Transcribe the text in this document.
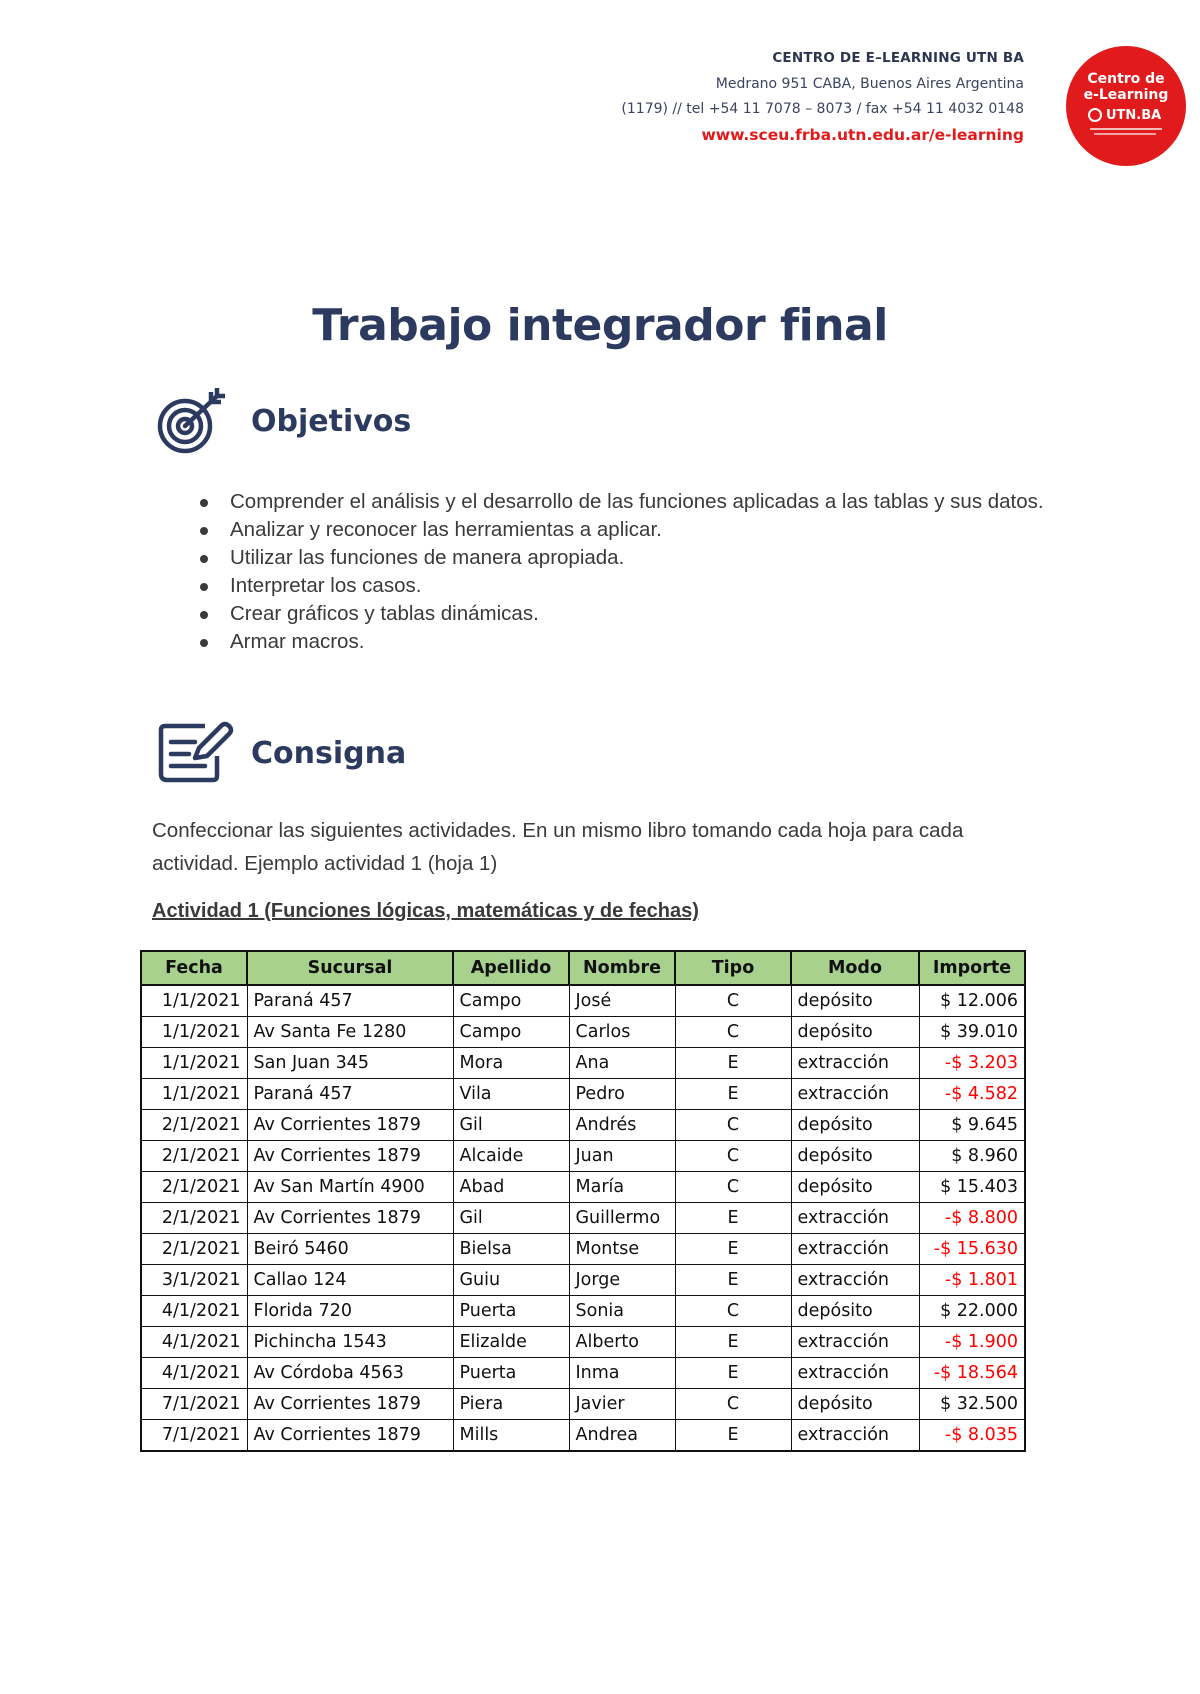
CENTRO DE E–LEARNING UTN BA
Medrano 951 CABA, Buenos Aires Argentina
(1179) // tel +54 11 7078 – 8073 / fax +54 11 4032 0148
www.sceu.frba.utn.edu.ar/e-learning
Centro de
e-Learning
UTN.BA
Trabajo integrador final
Objetivos
Comprender el análisis y el desarrollo de las funciones aplicadas a las tablas y sus datos.
Analizar y reconocer las herramientas a aplicar.
Utilizar las funciones de manera apropiada.
Interpretar los casos.
Crear gráficos y tablas dinámicas.
Armar macros.
Consigna
Confeccionar las siguientes actividades. En un mismo libro tomando cada hoja para cada actividad. Ejemplo actividad 1 (hoja 1)
Actividad 1 (Funciones lógicas, matemáticas y de fechas)
Fecha	Sucursal	Apellido	Nombre	Tipo	Modo	Importe
1/1/2021	Paraná 457	Campo	José	C	depósito	$ 12.006
1/1/2021	Av Santa Fe 1280	Campo	Carlos	C	depósito	$ 39.010
1/1/2021	San Juan 345	Mora	Ana	E	extracción	-$ 3.203
1/1/2021	Paraná 457	Vila	Pedro	E	extracción	-$ 4.582
2/1/2021	Av Corrientes 1879	Gil	Andrés	C	depósito	$ 9.645
2/1/2021	Av Corrientes 1879	Alcaide	Juan	C	depósito	$ 8.960
2/1/2021	Av San Martín 4900	Abad	María	C	depósito	$ 15.403
2/1/2021	Av Corrientes 1879	Gil	Guillermo	E	extracción	-$ 8.800
2/1/2021	Beiró 5460	Bielsa	Montse	E	extracción	-$ 15.630
3/1/2021	Callao 124	Guiu	Jorge	E	extracción	-$ 1.801
4/1/2021	Florida 720	Puerta	Sonia	C	depósito	$ 22.000
4/1/2021	Pichincha 1543	Elizalde	Alberto	E	extracción	-$ 1.900
4/1/2021	Av Córdoba 4563	Puerta	Inma	E	extracción	-$ 18.564
7/1/2021	Av Corrientes 1879	Piera	Javier	C	depósito	$ 32.500
7/1/2021	Av Corrientes 1879	Mills	Andrea	E	extracción	-$ 8.035
